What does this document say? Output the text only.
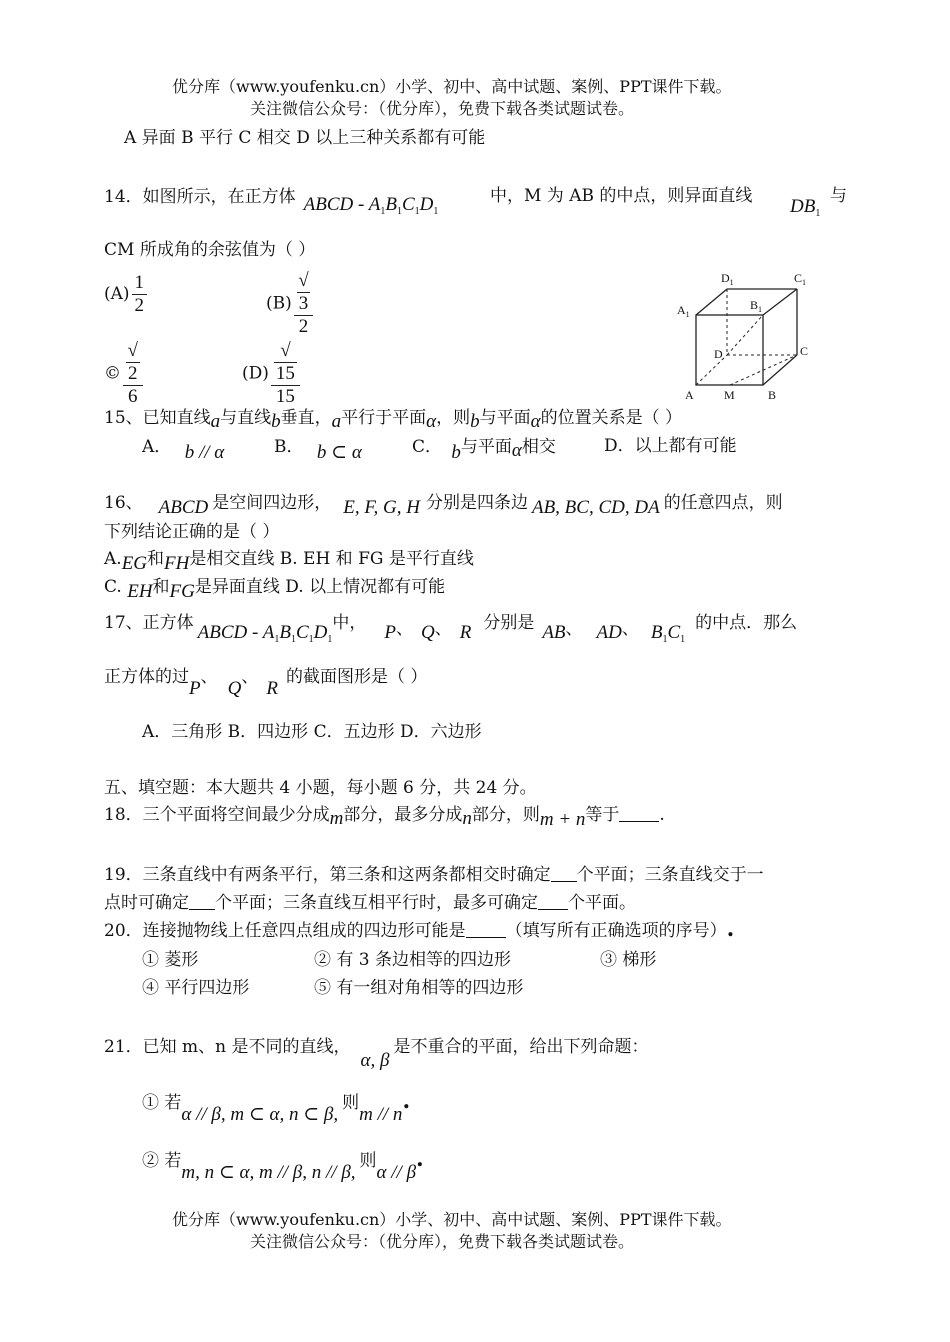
优分库（www.youfenku.cn）小学、初中、高中试题、案例、PPT课件下载。
关注微信公众号：（优分库），免费下载各类试题试卷。
A 异面 B 平行 C 相交 D 以上三种关系都有可能
14．如图所示，在正方体 ABCD - $A_1B_1C_1D_1$
中，M 为 AB 的中点，则异面直线 $DB_1$
与
CM 所成角的余弦值为（ ）
$(A) \frac{1}{2}$	(B) √
3
2
© √
2
6	(D) √
15
15
$D_1$	$C_1$
$A_1$
$B_1$
D	C
A	M	B
15、已知直线a与直线b垂直，a平行于平面α，则b与平面α的位置关系是（ ）
A． b // α	B． b ⊂ α	C． b与平面α相交	D．以上都有可能
16、 ABCD 是空间四边形， E, F, G, H 分别是四条边 AB, BC, CD, DA 的任意四点，则
下列结论正确的是（ ）
A.EG和FH是相交直线 B. EH 和 FG 是平行直线
C. EH和FG是异面直线 D. 以上情况都有可能
17、正方体 ABCD - $A_1B_1C_1D_1$中， P、 Q、 R 分别是 AB、 AD、 $B_1C_1$的中点．那么
正方体的过P、Q、R的截面图形是（ ）
A．三角形 B．四边形 C．五边形 D．六边形
五、填空题：本大题共 4 小题，每小题 6 分，共 24 分。
18．三个平面将空间最少分成m部分，最多分成n部分，则m + n等于 .
19．三条直线中有两条平行，第三条和这两条都相交时确定 个平面；三条直线交于一
点时可确定 个平面；三条直线互相平行时，最多可确定 个平面。
20．连接抛物线上任意四点组成的四边形可能是 （填写所有正确选项的序号）.
① 菱形	② 有 3 条边相等的四边形	③ 梯形
④ 平行四边形	⑤ 有一组对角相等的四边形
21．已知 m、n 是不同的直线，α, β是不重合的平面，给出下列命题：
① 若α // β, m ⊂ α, n ⊂ β,则m // n.
② 若m, n ⊂ α, m // β, n // β,则α // β.
优分库（www.youfenku.cn）小学、初中、高中试题、案例、PPT课件下载。
关注微信公众号：（优分库），免费下载各类试题试卷。
